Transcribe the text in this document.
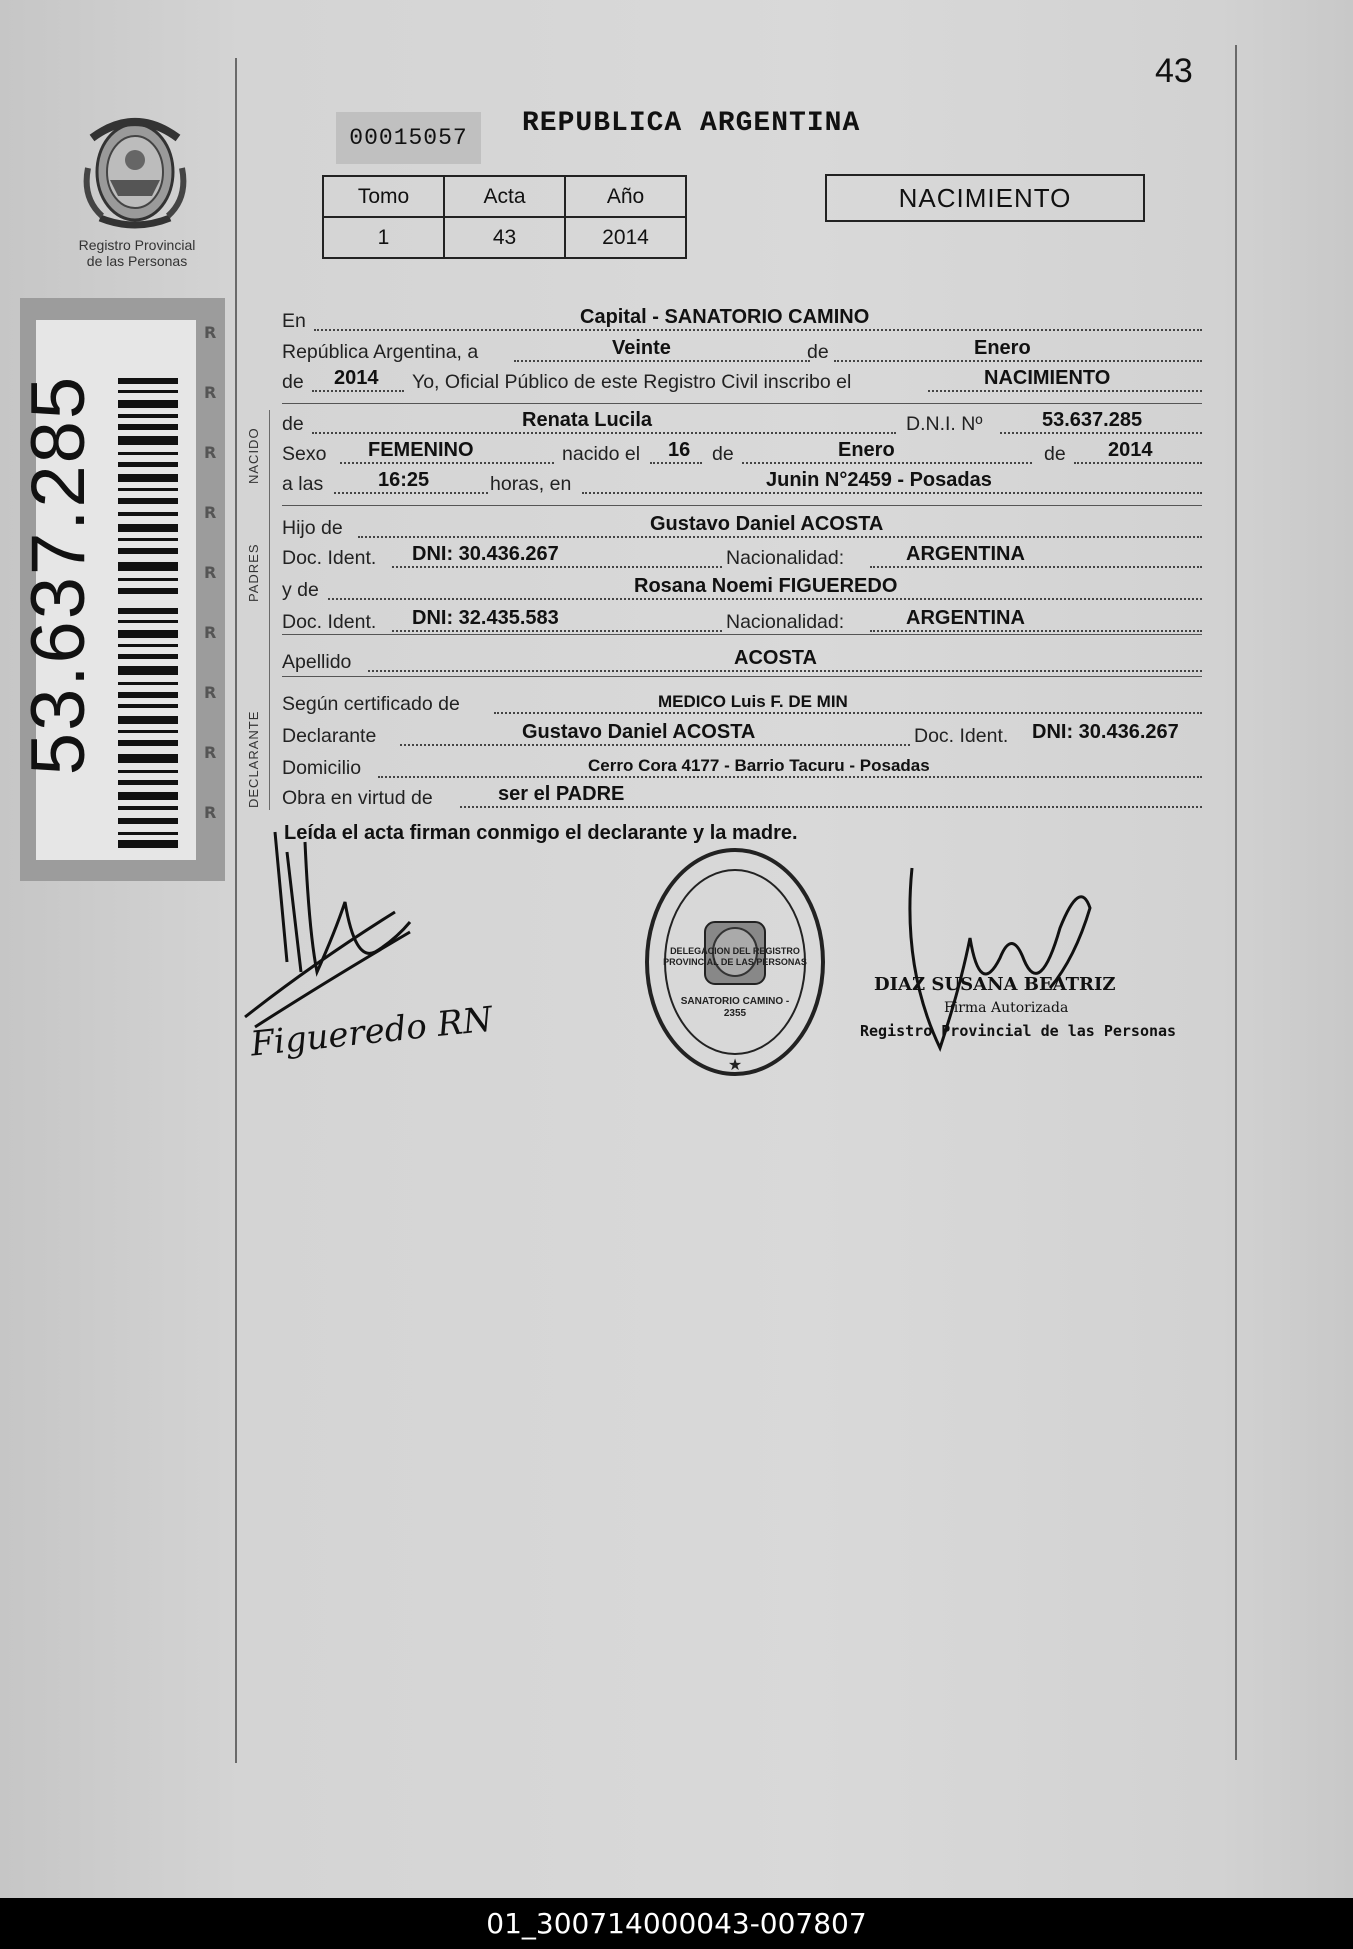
43
Registro Provincial
de las Personas
R
R
R
R
R
R
R
R
R
53.637.285
00015057	REPUBLICA ARGENTINA
Tomo	Acta	Año
1	43	2014
NACIMIENTO
NACIDO
PADRES
DECLARANTE
En	Capital - SANATORIO CAMINO
República Argentina, a	Veinte	de	Enero
de 2014 Yo, Oficial Público de este Registro Civil inscribo el	NACIMIENTO
de	Renata Lucila	D.N.I. Nº	53.637.285
Sexo FEMENINO	nacido el 16 de	Enero	de 2014
a las	16:25	horas, en	Junin N°2459 - Posadas
Hijo de	Gustavo Daniel ACOSTA
Doc. Ident. DNI: 30.436.267	Nacionalidad:	ARGENTINA
y de	Rosana Noemi FIGUEREDO
Doc. Ident. DNI: 32.435.583	Nacionalidad:	ARGENTINA
Apellido	ACOSTA
Según certificado de	MEDICO Luis F. DE MIN
Declarante	Gustavo Daniel ACOSTA	Doc. Ident. DNI: 30.436.267
Domicilio	Cerro Cora 4177 - Barrio Tacuru - Posadas
Obra en virtud de	ser el PADRE
Leída el acta firman conmigo el declarante y la madre.
Figueredo RN
★
DELEGACION DEL REGISTRO PROVINCIAL DE LAS PERSONAS
SANATORIO CAMINO - 2355
DIAZ SUSANA BEATRIZ
Firma Autorizada
Registro Provincial de las Personas
01_300714000043-007807
